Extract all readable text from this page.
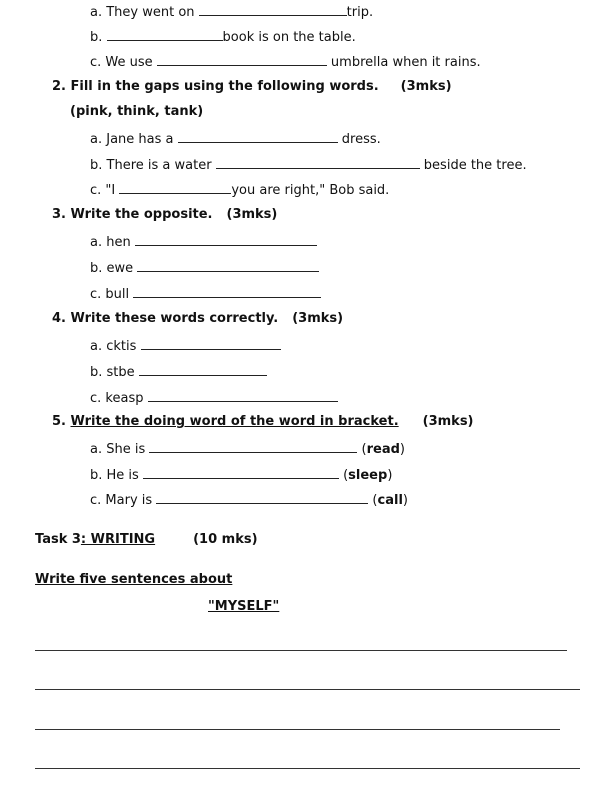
a. They went on	trip.
b.	book is on the table.
c. We use	umbrella when it rains.
2. Fill in the gaps using the following words. (3mks)
(pink, think, tank)
a. Jane has a	dress.
b. There is a water	beside the tree.
c. "I	you are right," Bob said.
3. Write the opposite. (3mks)
a. hen
b. ewe
c. bull
4. Write these words correctly. (3mks)
a. cktis
b. stbe
c. keasp
5. Write the doing word of the word in bracket. (3mks)
a. She is	(read)
b. He is	(sleep)
c. Mary is	(call)
Task 3: WRITING	(10 mks)
Write five sentences about
"MYSELF"
